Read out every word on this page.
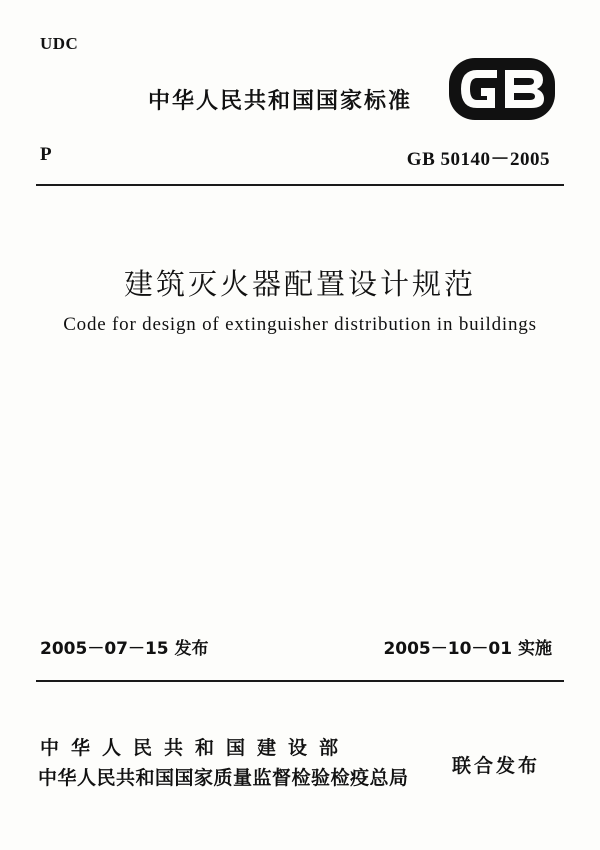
UDC
中华人民共和国国家标准
P	GB 50140－2005
建筑灭火器配置设计规范
Code for design of extinguisher distribution in buildings
2005－07－15 发布	2005－10－01 实施
中华人民共和国建设部
中华人民共和国国家质量监督检验检疫总局
联合发布
